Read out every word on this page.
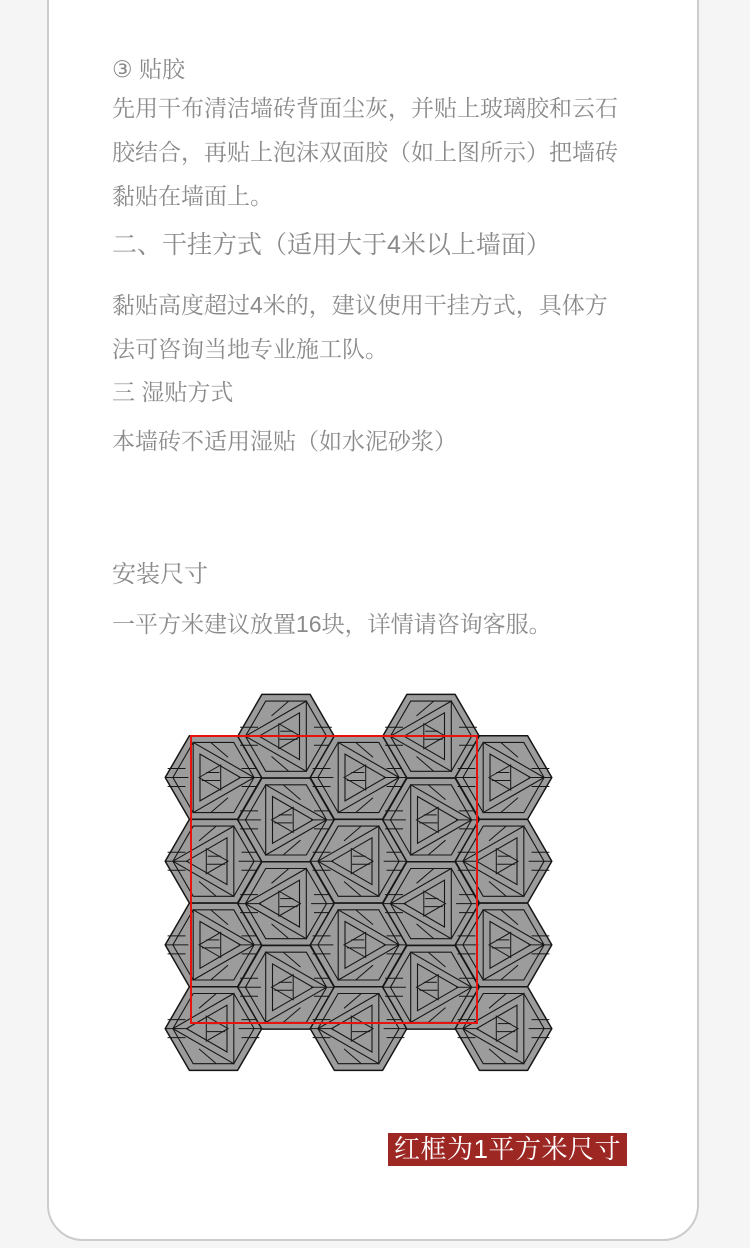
③ 贴胶
先用干布清洁墙砖背面尘灰，并贴上玻璃胶和云石
胶结合，再贴上泡沫双面胶（如上图所示）把墙砖
黏贴在墙面上。
二、干挂方式（适用大于4米以上墙面）
黏贴高度超过4米的，建议使用干挂方式，具体方
法可咨询当地专业施工队。
三 湿贴方式
本墙砖不适用湿贴（如水泥砂浆）
安装尺寸
一平方米建议放置16块，详情请咨询客服。
红框为1平方米尺寸
